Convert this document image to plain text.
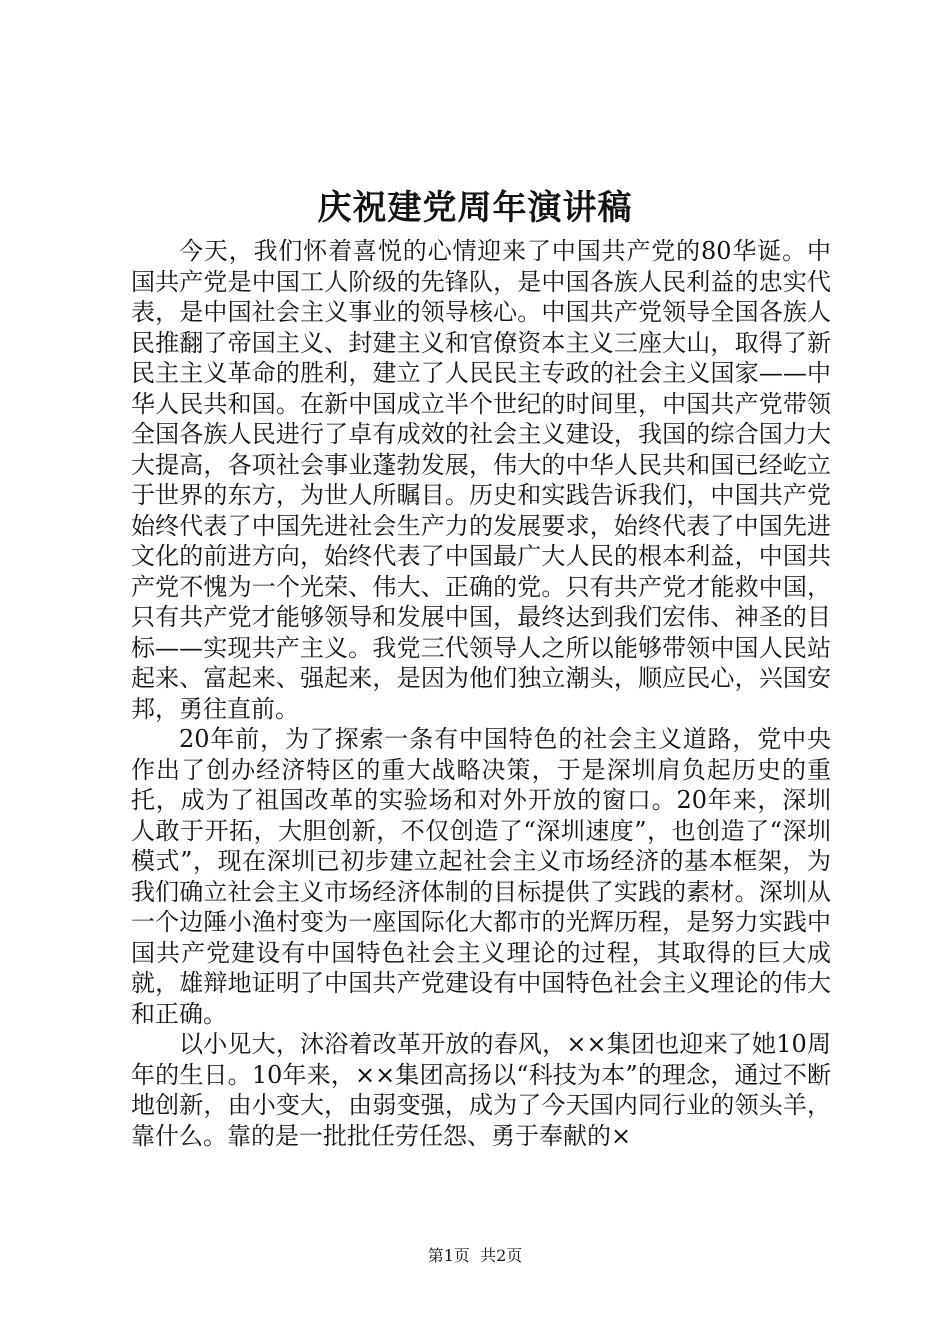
庆祝建党周年演讲稿

今天，我们怀着喜悦的心情迎来了中国共产党的80华诞。中国共产党是中国工人阶级的先锋队，是中国各族人民利益的忠实代表，是中国社会主义事业的领导核心。中国共产党领导全国各族人民推翻了帝国主义、封建主义和官僚资本主义三座大山，取得了新民主主义革命的胜利，建立了人民民主专政的社会主义国家——中华人民共和国。在新中国成立半个世纪的时间里，中国共产党带领全国各族人民进行了卓有成效的社会主义建设，我国的综合国力大大提高，各项社会事业蓬勃发展，伟大的中华人民共和国已经屹立于世界的东方，为世人所瞩目。历史和实践告诉我们，中国共产党始终代表了中国先进社会生产力的发展要求，始终代表了中国先进文化的前进方向，始终代表了中国最广大人民的根本利益，中国共产党不愧为一个光荣、伟大、正确的党。只有共产党才能救中国，只有共产党才能够领导和发展中国，最终达到我们宏伟、神圣的目标——实现共产主义。我党三代领导人之所以能够带领中国人民站起来、富起来、强起来，是因为他们独立潮头，顺应民心，兴国安邦，勇往直前。

20年前，为了探索一条有中国特色的社会主义道路，党中央作出了创办经济特区的重大战略决策，于是深圳肩负起历史的重托，成为了祖国改革的实验场和对外开放的窗口。20年来，深圳人敢于开拓，大胆创新，不仅创造了“深圳速度”，也创造了“深圳模式”，现在深圳已初步建立起社会主义市场经济的基本框架，为我们确立社会主义市场经济体制的目标提供了实践的素材。深圳从一个边陲小渔村变为一座国际化大都市的光辉历程，是努力实践中国共产党建设有中国特色社会主义理论的过程，其取得的巨大成就，雄辩地证明了中国共产党建设有中国特色社会主义理论的伟大和正确。

以小见大，沐浴着改革开放的春风，××集团也迎来了她10周年的生日。10年来，××集团高扬以“科技为本”的理念，通过不断地创新，由小变大，由弱变强，成为了今天国内同行业的领头羊，靠什么。靠的是一批批任劳任怨、勇于奉献的×

第1页 共2页
